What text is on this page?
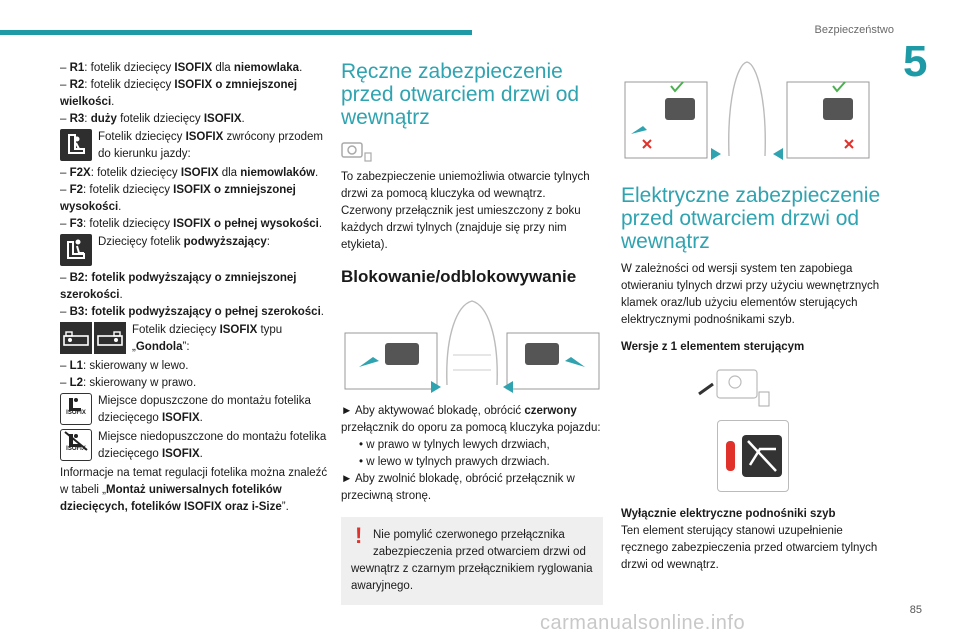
Bezpieczeństwo
5
85
carmanualsonline.info

– R1: fotelik dziecięcy ISOFIX dla niemowlaka.

– R2: fotelik dziecięcy ISOFIX o zmniejszonej wielkości.

– R3: duży fotelik dziecięcy ISOFIX.

Fotelik dziecięcy ISOFIX zwrócony przodem do kierunku jazdy:

– F2X: fotelik dziecięcy ISOFIX dla niemowlaków.

– F2: fotelik dziecięcy ISOFIX o zmniejszonej wysokości.

– F3: fotelik dziecięcy ISOFIX o pełnej wysokości.

Dziecięcy fotelik podwyższający:

– B2: fotelik podwyższający o zmniejszonej szerokości.

– B3: fotelik podwyższający o pełnej szerokości.

Fotelik dziecięcy ISOFIX typu „Gondola”:

– L1: skierowany w lewo.

– L2: skierowany w prawo.

ISOFIX
Miejsce dopuszczone do montażu fotelika dziecięcego ISOFIX.
ISOFIX
Miejsce niedopuszczone do montażu fotelika dziecięcego ISOFIX.

Informacje na temat regulacji fotelika można znaleźć w tabeli „Montaż uniwersalnych fotelików dziecięcych, fotelików ISOFIX oraz i-Size”.

Ręczne zabezpieczenie przed otwarciem drzwi od wewnątrz

To zabezpieczenie uniemożliwia otwarcie tylnych drzwi za pomocą kluczyka od wewnątrz.

Czerwony przełącznik jest umieszczony z boku każdych drzwi tylnych (znajduje się przy nim etykieta).

Blokowanie/odblokowywanie

► Aby aktywować blokadę, obrócić czerwony przełącznik do oporu za pomocą kluczyka pojazdu:

• w prawo w tylnych lewych drzwiach,

• w lewo w tylnych prawych drzwiach.

► Aby zwolnić blokadę, obrócić przełącznik w przeciwną stronę.

! Nie pomylić czerwonego przełącznika zabezpieczenia przed otwarciem drzwi od

wewnątrz z czarnym przełącznikiem ryglowania awaryjnego.

Elektryczne zabezpieczenie przed otwarciem drzwi od wewnątrz

W zależności od wersji system ten zapobiega otwieraniu tylnych drzwi przy użyciu wewnętrznych klamek oraz/lub użyciu elementów sterujących elektrycznymi podnośnikami szyb.

Wersje z 1 elementem sterującym

Wyłącznie elektryczne podnośniki szyb

Ten element sterujący stanowi uzupełnienie ręcznego zabezpieczenia przed otwarciem tylnych drzwi od wewnątrz.
